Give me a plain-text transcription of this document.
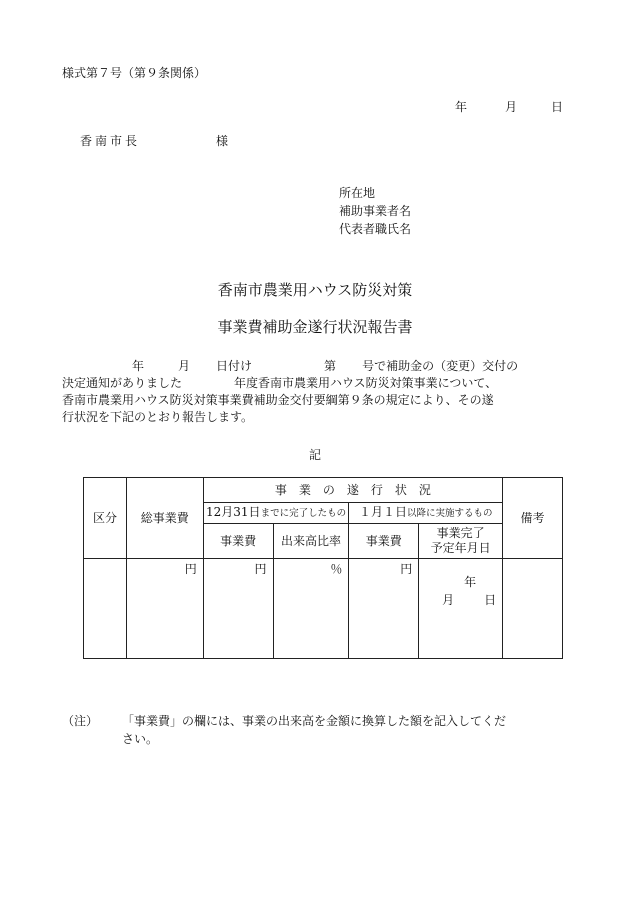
様式第７号（第９条関係）
年	月	日
香南市長	様
所在地
補助事業者名
代表者職氏名
香南市農業用ハウス防災対策
事業費補助金遂行状況報告書
年	月 日付け	第 号で補助金の（変更）交付の
決定通知がありました	年度香南市農業用ハウス防災対策事業について、
香南市農業用ハウス防災対策事業費補助金交付要綱第９条の規定により、その遂
行状況を下記のとおり報告します。
記
区分	総事業費	事　業　の　遂　行　状　況				備考
		12月31日までに完了したもの		１月１日以降に実施するもの		
		事業費	出来高比率	事業費	事業完了
予定年月日	

	円	円	％	円	年
月 日	

（注） 「事業費」の欄には、事業の出来高を金額に換算した額を記入してくだ
さい。
